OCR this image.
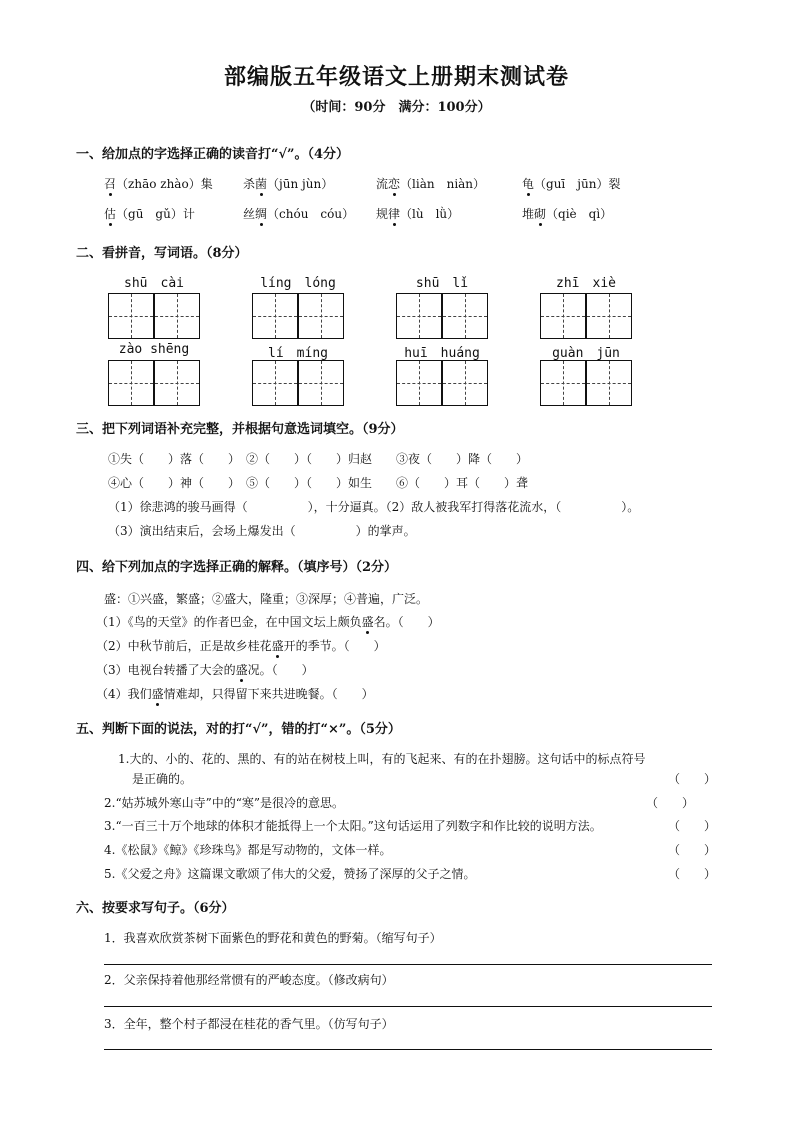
部编版五年级语文上册期末测试卷
（时间：90分　满分：100分）
一、给加点的字选择正确的读音打“√”。（4分）
召（zhāo zhào）集	杀菌（jūn jùn）	流恋（liàn　niàn）	龟（guī　jūn）裂
估（gū　gǔ）计	丝绸（chóu　cóu） 规律（lù　lǜ）	堆砌（qiè　qì）
二、看拼音，写词语。（8分）
shū　cài	líng　lóng	shū　lǐ	zhī　xiè
zào shēng	lí　míng	huī　huáng	guàn　jūn
三、把下列词语补充完整，并根据句意选词填空。（9分）
①失（　　）落（　　）　②（　　）（　　）归赵　　③夜（　　）降（　　）
④心（　　）神（　　）　⑤（　　）（　　）如生　　⑥（　　）耳（　　）聋
（1）徐悲鸿的骏马画得（　　　　　），十分逼真。（2）敌人被我军打得落花流水，（　　　　　）。
（3）演出结束后，会场上爆发出（　　　　　）的掌声。
四、给下列加点的字选择正确的解释。（填序号）（2分）
盛：①兴盛，繁盛；②盛大，隆重；③深厚；④普遍，广泛。
（1）《鸟的天堂》的作者巴金，在中国文坛上颇负盛名。（　　）
（2）中秋节前后，正是故乡桂花盛开的季节。（　　）
（3）电视台转播了大会的盛况。（　　）
（4）我们盛情难却，只得留下来共进晚餐。（　　）
五、判断下面的说法，对的打“√”，错的打“×”。（5分）
1.大的、小的、花的、黑的、有的站在树枝上叫，有的飞起来、有的在扑翅膀。这句话中的标点符号
是正确的。	（　　）
2.“姑苏城外寒山寺”中的“寒”是很冷的意思。	（　　）
3.“一百三十万个地球的体积才能抵得上一个太阳。”这句话运用了列数字和作比较的说明方法。	（　　）
4.《松鼠》《鲸》《珍珠鸟》都是写动物的，文体一样。	（　　）
5.《父爱之舟》这篇课文歌颂了伟大的父爱，赞扬了深厚的父子之情。	（　　）
六、按要求写句子。（6分）
1．我喜欢欣赏茶树下面紫色的野花和黄色的野菊。（缩写句子）
2．父亲保持着他那经常惯有的严峻态度。（修改病句）
3．全年，整个村子都浸在桂花的香气里。（仿写句子）
